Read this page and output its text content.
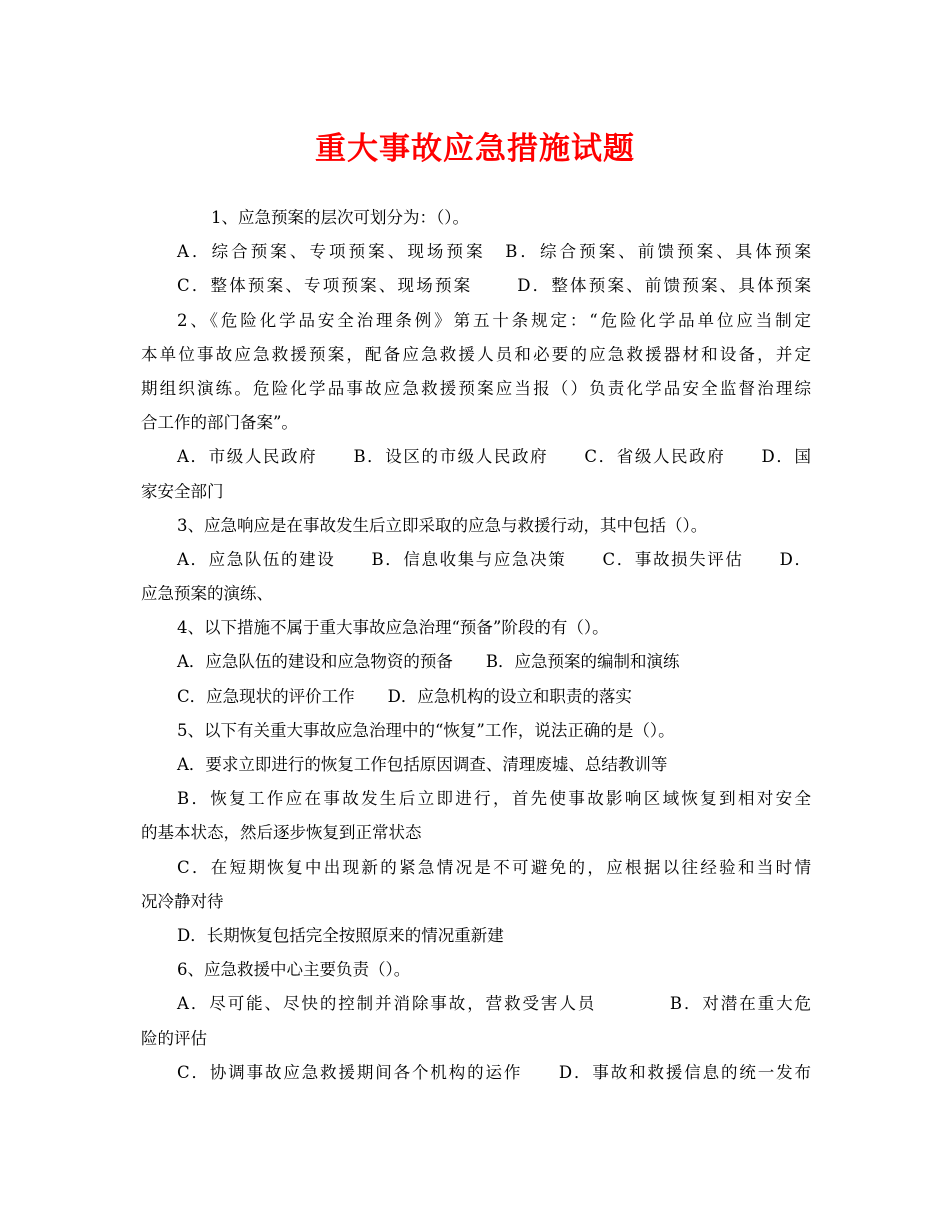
重大事故应急措施试题
1、应急预案的层次可划分为：（）。
A．综合预案、专项预案、现场预案　B．综合预案、前馈预案、具体预案
C．整体预案、专项预案、现场预案　　 D．整体预案、前馈预案、具体预案
2、《危险化学品安全治理条例》第五十条规定：“危险化学品单位应当制定
本单位事故应急救援预案，配备应急救援人员和必要的应急救援器材和设备，并定
期组织演练。危险化学品事故应急救援预案应当报（）负责化学品安全监督治理综
合工作的部门备案”。
A．市级人民政府　　B．设区的市级人民政府　　C．省级人民政府　　D．国
家安全部门
3、应急响应是在事故发生后立即采取的应急与救援行动，其中包括（）。
A．应急队伍的建设　　B．信息收集与应急决策　　C．事故损失评估　　D．
应急预案的演练、
4、以下措施不属于重大事故应急治理“预备”阶段的有（）。
A．应急队伍的建设和应急物资的预备　　B．应急预案的编制和演练
C．应急现状的评价工作　　D．应急机构的设立和职责的落实
5、以下有关重大事故应急治理中的“恢复”工作，说法正确的是（）。
A．要求立即进行的恢复工作包括原因调查、清理废墟、总结教训等
B．恢复工作应在事故发生后立即进行，首先使事故影响区域恢复到相对安全
的基本状态，然后逐步恢复到正常状态
C．在短期恢复中出现新的紧急情况是不可避免的，应根据以往经验和当时情
况冷静对待
D．长期恢复包括完全按照原来的情况重新建
6、应急救援中心主要负责（）。
A．尽可能、尽快的控制并消除事故，营救受害人员　　　　B．对潜在重大危
险的评估
C．协调事故应急救援期间各个机构的运作　　D．事故和救援信息的统一发布
